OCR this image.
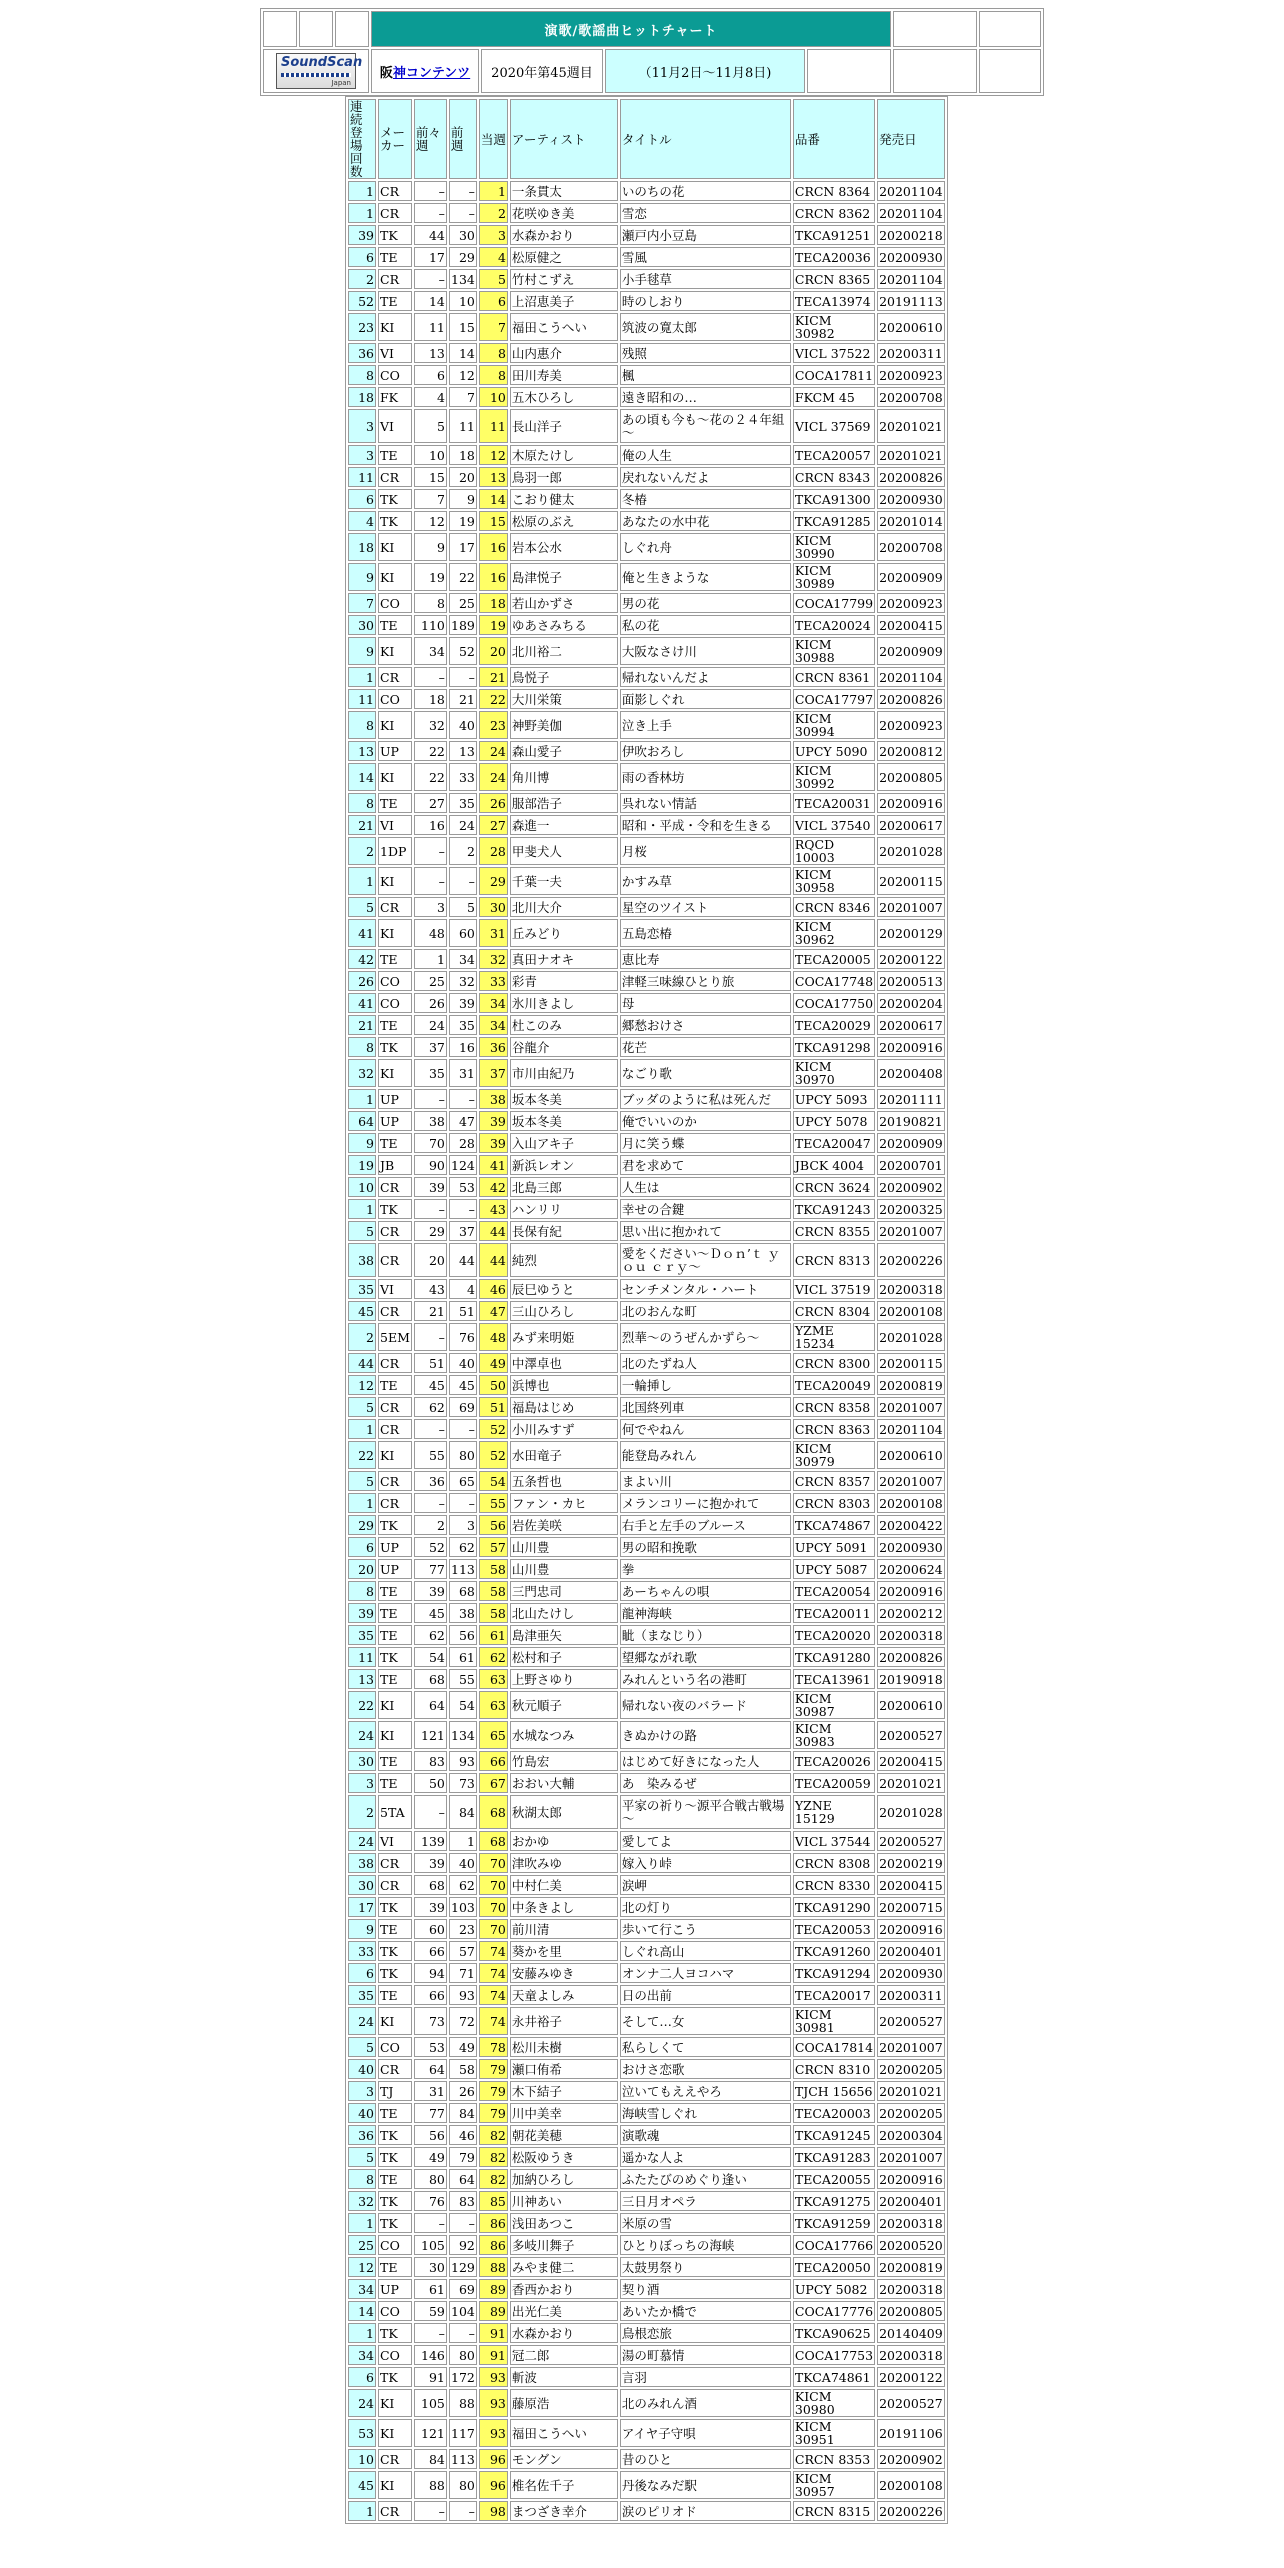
			演歌/歌謡曲ヒットチャート					

SoundScan
Japan			阪神コンテンツ	2020年第45週目	（11月2日～11月8日)			
連続登場回数	メーカー	前々週	前週	当週	アーティスト	タイトル	品番	発売日
1	CR	–	–	1	一条貫太	いのちの花	CRCN 8364	20201104
1	CR	–	–	2	花咲ゆき美	雪恋	CRCN 8362	20201104
39	TK	44	30	3	水森かおり	瀬戸内小豆島	TKCA91251	20200218
6	TE	17	29	4	松原健之	雪風	TECA20036	20200930
2	CR	–	134	5	竹村こずえ	小手毬草	CRCN 8365	20201104
52	TE	14	10	6	上沼恵美子	時のしおり	TECA13974	20191113
23	KI	11	15	7	福田こうへい	筑波の寛太郎	KICM 30982	20200610
36	VI	13	14	8	山内惠介	残照	VICL 37522	20200311
8	CO	6	12	8	田川寿美	楓	COCA17811	20200923
18	FK	4	7	10	五木ひろし	遠き昭和の…	FKCM 45	20200708
3	VI	5	11	11	長山洋子	あの頃も今も～花の２４年組～	VICL 37569	20201021
3	TE	10	18	12	木原たけし	俺の人生	TECA20057	20201021
11	CR	15	20	13	鳥羽一郎	戻れないんだよ	CRCN 8343	20200826
6	TK	7	9	14	こおり健太	冬椿	TKCA91300	20200930
4	TK	12	19	15	松原のぶえ	あなたの水中花	TKCA91285	20201014
18	KI	9	17	16	岩本公水	しぐれ舟	KICM 30990	20200708
9	KI	19	22	16	島津悦子	俺と生きような	KICM 30989	20200909
7	CO	8	25	18	若山かずさ	男の花	COCA17799	20200923
30	TE	110	189	19	ゆあさみちる	私の花	TECA20024	20200415
9	KI	34	52	20	北川裕二	大阪なさけ川	KICM 30988	20200909
1	CR	–	–	21	鳥悦子	帰れないんだよ	CRCN 8361	20201104
11	CO	18	21	22	大川栄策	面影しぐれ	COCA17797	20200826
8	KI	32	40	23	神野美伽	泣き上手	KICM 30994	20200923
13	UP	22	13	24	森山愛子	伊吹おろし	UPCY 5090	20200812
14	KI	22	33	24	角川博	雨の香林坊	KICM 30992	20200805
8	TE	27	35	26	服部浩子	呉れない情話	TECA20031	20200916
21	VI	16	24	27	森進一	昭和・平成・令和を生きる	VICL 37540	20200617
2	1DP	–	2	28	甲斐犬人	月桜	RQCD 10003	20201028
1	KI	–	–	29	千葉一夫	かすみ草	KICM 30958	20200115
5	CR	3	5	30	北川大介	星空のツイスト	CRCN 8346	20201007
41	KI	48	60	31	丘みどり	五島恋椿	KICM 30962	20200129
42	TE	1	34	32	真田ナオキ	恵比寿	TECA20005	20200122
26	CO	25	32	33	彩青	津軽三味線ひとり旅	COCA17748	20200513
41	CO	26	39	34	氷川きよし	母	COCA17750	20200204
21	TE	24	35	34	杜このみ	郷愁おけさ	TECA20029	20200617
8	TK	37	16	36	谷龍介	花芒	TKCA91298	20200916
32	KI	35	31	37	市川由紀乃	なごり歌	KICM 30970	20200408
1	UP	–	–	38	坂本冬美	ブッダのように私は死んだ	UPCY 5093	20201111
64	UP	38	47	39	坂本冬美	俺でいいのか	UPCY 5078	20190821
9	TE	70	28	39	入山アキ子	月に笑う蝶	TECA20047	20200909
19	JB	90	124	41	新浜レオン	君を求めて	JBCK 4004	20200701
10	CR	39	53	42	北島三郎	人生は	CRCN 3624	20200902
1	TK	–	–	43	ハンリリ	幸せの合鍵	TKCA91243	20200325
5	CR	29	37	44	長保有紀	思い出に抱かれて	CRCN 8355	20201007
38	CR	20	44	44	純烈	愛をください～Ｄｏｎ’ｔ ｙｏｕ ｃｒｙ～	CRCN 8313	20200226
35	VI	43	4	46	辰巳ゆうと	センチメンタル・ハート	VICL 37519	20200318
45	CR	21	51	47	三山ひろし	北のおんな町	CRCN 8304	20200108
2	5EM	–	76	48	みず来明姫	烈華～のうぜんかずら～	YZME 15234	20201028
44	CR	51	40	49	中澤卓也	北のたずね人	CRCN 8300	20200115
12	TE	45	45	50	浜博也	一輪挿し	TECA20049	20200819
5	CR	62	69	51	福島はじめ	北国終列車	CRCN 8358	20201007
1	CR	–	–	52	小川みすず	何でやねん	CRCN 8363	20201104
22	KI	55	80	52	水田竜子	能登島みれん	KICM 30979	20200610
5	CR	36	65	54	五条哲也	まよい川	CRCN 8357	20201007
1	CR	–	–	55	ファン・カヒ	メランコリーに抱かれて	CRCN 8303	20200108
29	TK	2	3	56	岩佐美咲	右手と左手のブルース	TKCA74867	20200422
6	UP	52	62	57	山川豊	男の昭和挽歌	UPCY 5091	20200930
20	UP	77	113	58	山川豊	拳	UPCY 5087	20200624
8	TE	39	68	58	三門忠司	あーちゃんの唄	TECA20054	20200916
39	TE	45	38	58	北山たけし	龍神海峡	TECA20011	20200212
35	TE	62	56	61	島津亜矢	眦（まなじり）	TECA20020	20200318
11	TK	54	61	62	松村和子	望郷ながれ歌	TKCA91280	20200826
13	TE	68	55	63	上野さゆり	みれんという名の港町	TECA13961	20190918
22	KI	64	54	63	秋元順子	帰れない夜のバラード	KICM 30987	20200610
24	KI	121	134	65	水城なつみ	きぬかけの路	KICM 30983	20200527
30	TE	83	93	66	竹島宏	はじめて好きになった人	TECA20026	20200415
3	TE	50	73	67	おおい大輔	あ　染みるぜ	TECA20059	20201021
2	5TA	–	84	68	秋湖太郎	平家の祈り～源平合戦古戦場～	YZNE 15129	20201028
24	VI	139	1	68	おかゆ	愛してよ	VICL 37544	20200527
38	CR	39	40	70	津吹みゆ	嫁入り峠	CRCN 8308	20200219
30	CR	68	62	70	中村仁美	涙岬	CRCN 8330	20200415
17	TK	39	103	70	中条きよし	北の灯り	TKCA91290	20200715
9	TE	60	23	70	前川清	歩いて行こう	TECA20053	20200916
33	TK	66	57	74	葵かを里	しぐれ高山	TKCA91260	20200401
6	TK	94	71	74	安藤みゆき	オンナ二人ヨコハマ	TKCA91294	20200930
35	TE	66	93	74	天童よしみ	日の出前	TECA20017	20200311
24	KI	73	72	74	永井裕子	そして…女	KICM 30981	20200527
5	CO	53	49	78	松川未樹	私らしくて	COCA17814	20201007
40	CR	64	58	79	瀬口侑希	おけさ恋歌	CRCN 8310	20200205
3	TJ	31	26	79	木下結子	泣いてもええやろ	TJCH 15656	20201021
40	TE	77	84	79	川中美幸	海峡雪しぐれ	TECA20003	20200205
36	TK	56	46	82	朝花美穂	演歌魂	TKCA91245	20200304
5	TK	49	79	82	松阪ゆうき	遥かな人よ	TKCA91283	20201007
8	TE	80	64	82	加納ひろし	ふたたびのめぐり逢い	TECA20055	20200916
32	TK	76	83	85	川神あい	三日月オペラ	TKCA91275	20200401
1	TK	–	–	86	浅田あつこ	米原の雪	TKCA91259	20200318
25	CO	105	92	86	多岐川舞子	ひとりぼっちの海峡	COCA17766	20200520
12	TE	30	129	88	みやま健二	太鼓男祭り	TECA20050	20200819
34	UP	61	69	89	香西かおり	契り酒	UPCY 5082	20200318
14	CO	59	104	89	出光仁美	あいたか橋で	COCA17776	20200805
1	TK	–	–	91	水森かおり	鳥根恋旅	TKCA90625	20140409
34	CO	146	80	91	冠二郎	湯の町慕情	COCA17753	20200318
6	TK	91	172	93	斬波	言羽	TKCA74861	20200122
24	KI	105	88	93	藤原浩	北のみれん酒	KICM 30980	20200527
53	KI	121	117	93	福田こうへい	アイヤ子守唄	KICM 30951	20191106
10	CR	84	113	96	モングン	昔のひと	CRCN 8353	20200902
45	KI	88	80	96	椎名佐千子	丹後なみだ駅	KICM 30957	20200108
1	CR	–	–	98	まつざき幸介	涙のピリオド	CRCN 8315	20200226
